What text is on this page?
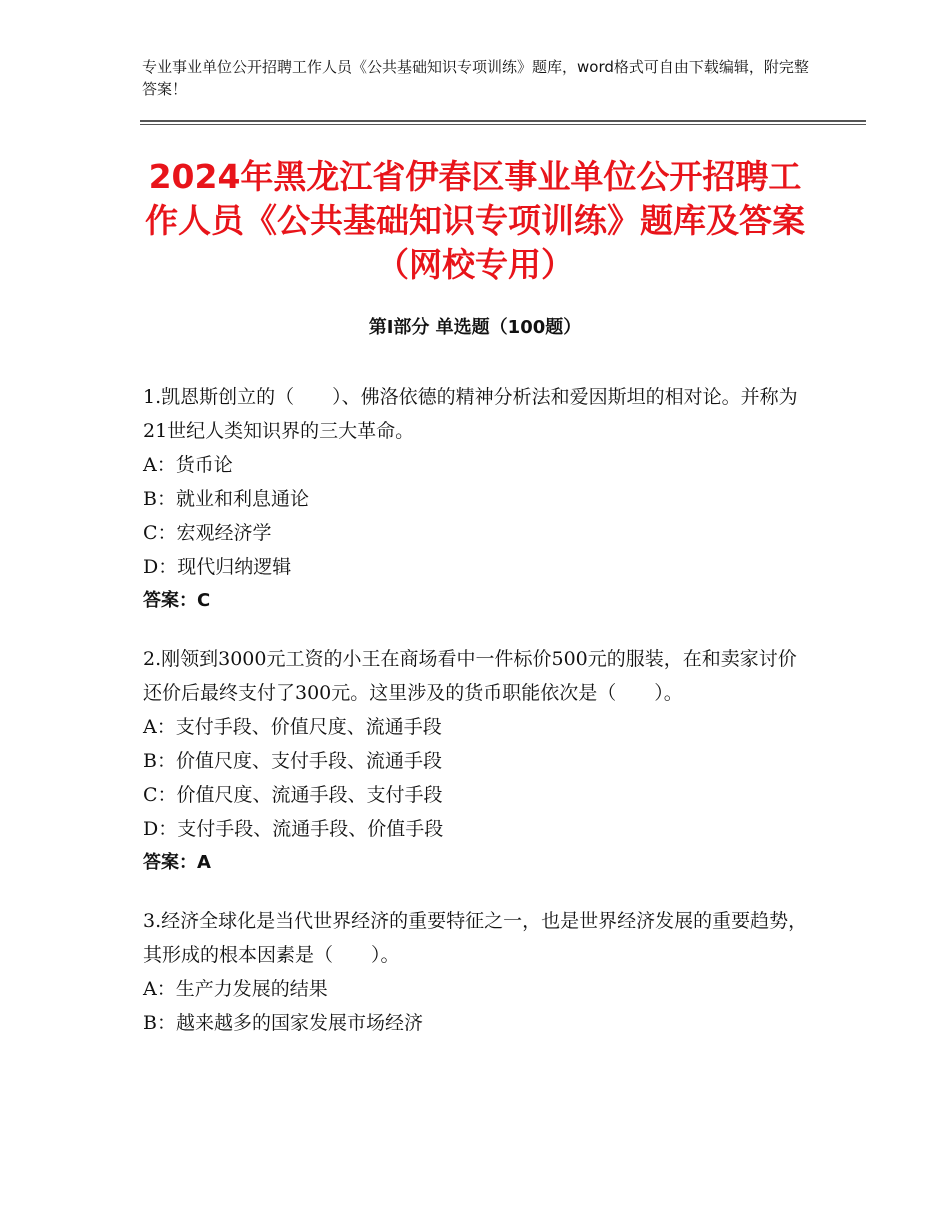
专业事业单位公开招聘工作人员《公共基础知识专项训练》题库，word格式可自由下载编辑，附完整答案！
2024年黑龙江省伊春区事业单位公开招聘工作人员《公共基础知识专项训练》题库及答案（网校专用）
第Ⅰ部分 单选题（100题）

1.凯恩斯创立的（　　）、佛洛依德的精神分析法和爱因斯坦的相对论。并称为21世纪人类知识界的三大革命。

A：货币论

B：就业和利息通论

C：宏观经济学

D：现代归纳逻辑

答案：C

2.刚领到3000元工资的小王在商场看中一件标价500元的服装，在和卖家讨价还价后最终支付了300元。这里涉及的货币职能依次是（　　）。

A：支付手段、价值尺度、流通手段

B：价值尺度、支付手段、流通手段

C：价值尺度、流通手段、支付手段

D：支付手段、流通手段、价值手段

答案：A

3.经济全球化是当代世界经济的重要特征之一，也是世界经济发展的重要趋势，其形成的根本因素是（　　）。

A：生产力发展的结果

B：越来越多的国家发展市场经济
